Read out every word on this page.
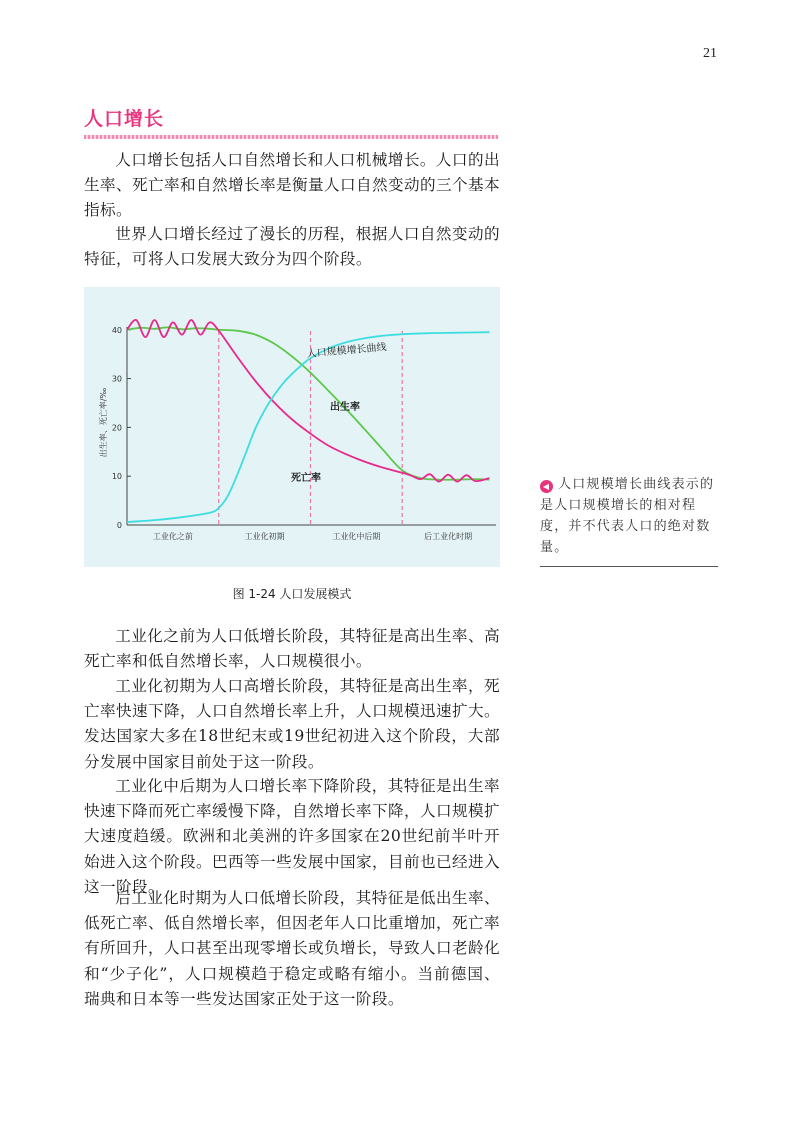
21
人口增长

人口增长包括人口自然增长和人口机械增长。人口的出生率、死亡率和自然增长率是衡量人口自然变动的三个基本指标。

世界人口增长经过了漫长的历程，根据人口自然变动的特征，可将人口发展大致分为四个阶段。

0
10
20
30
40
出生率、死亡率/‰
工业化之前	工业化初期	工业化中后期	后工业化时期
人口规模增长曲线
出生率
死亡率
图 1-24 人口发展模式

工业化之前为人口低增长阶段，其特征是高出生率、高死亡率和低自然增长率，人口规模很小。

工业化初期为人口高增长阶段，其特征是高出生率，死亡率快速下降，人口自然增长率上升，人口规模迅速扩大。发达国家大多在18世纪末或19世纪初进入这个阶段，大部分发展中国家目前处于这一阶段。

工业化中后期为人口增长率下降阶段，其特征是出生率快速下降而死亡率缓慢下降，自然增长率下降，人口规模扩大速度趋缓。欧洲和北美洲的许多国家在20世纪前半叶开始进入这个阶段。巴西等一些发展中国家，目前也已经进入这一阶段。

后工业化时期为人口低增长阶段，其特征是低出生率、低死亡率、低自然增长率，但因老年人口比重增加，死亡率有所回升，人口甚至出现零增长或负增长，导致人口老龄化和“少子化”，人口规模趋于稳定或略有缩小。当前德国、瑞典和日本等一些发达国家正处于这一阶段。

◀ 人口规模增长曲线表示的是人口规模增长的相对程度，并不代表人口的绝对数量。
